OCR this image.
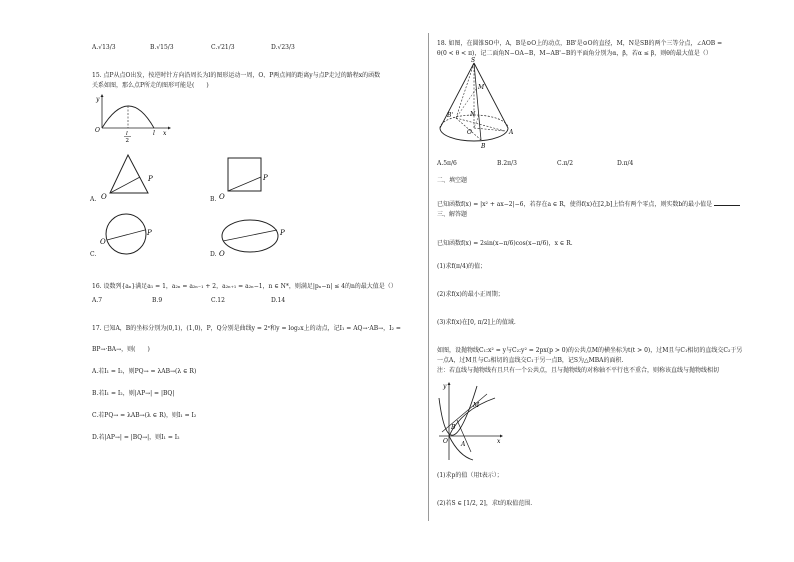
A.√13/3	B.√15/3	C.√21/3	D.√23/3
15. 点P从点O出发，按逆时针方向沿周长为l的图形运动一周，O、P两点间的距离y与点P走过的路程x的函数
关系如图，那么点P所走的图形可能是(　　)
y
O	l
2
l x
O
P
A.	O
P
B.
O
P
C.	O
P
D.
16. 设数列{aₙ}满足a₁ = 1，a₂ₙ = a₂ₙ₋₁ + 2，a₂ₙ₊₁ = a₂ₙ−1，n ∈ N*，则满足|pₙ−n| ≤ 4的n的最大值是（）
A.7	B.9	C.12	D.14
17. 已知A，B的坐标分别为(0,1)，(1,0)，P，Q分别是曲线y = 2ˣ和y = log₂x上的动点，记I₁ = AQ→·AB→，I₂ =
BP→·BA→，则(　　)
A.若I₁ = I₂，则PQ→ = λAB→(λ ∈ R)
B.若I₁ = I₂，则|AP→| = |BQ|
C.若PQ→ = λAB→(λ ∈ R)，则I₁ = I₂
D.若|AP→| = |BQ→|，则I₁ = I₂
18. 如图，在圆锥SO中，A，B是⊙O上的动点，BB'是⊙O的直径，M，N是SB的两个三等分点，∠AOB =
θ(0 < θ < π)，记二面角N−OA−B，M−AB'−B的平面角分别为α，β，若α ≤ β，则θ的最大值是（）
S
M
N
B'
O	A
B
A.5π/6	B.2π/3	C.π/2	D.π/4
二、填空题
已知函数f(x) = |x² + ax−2|−6，若存在a ∈ R，使得f(x)在[2,b]上恰有两个零点，则实数b的最小值是
三、解答题
已知函数f(x) = 2sin(x−π/6)cos(x−π/6)，x ∈ R.
(1)求f(π/4)的值；
(2)求f(x)的最小正周期；
(3)求f(x)在[0, π/2]上的值域.
如图，设抛物线C₁:x² = y与C₂:y² = 2px(p > 0)的公共点M的横坐标为t(t > 0)，过M且与C₁相切的直线交C₂于另
一点A，过M且与C₂相切的直线交C₁于另一点B，记S为△MBA的面积.
注：若直线与抛物线有且只有一个公共点，且与抛物线的对称轴不平行也不重合，则称该直线与抛物线相切
y
x
O
M
B
A
(1)求p的值（用t表示）；
(2)若S ∈ [1/2, 2]，求t的取值范围.
